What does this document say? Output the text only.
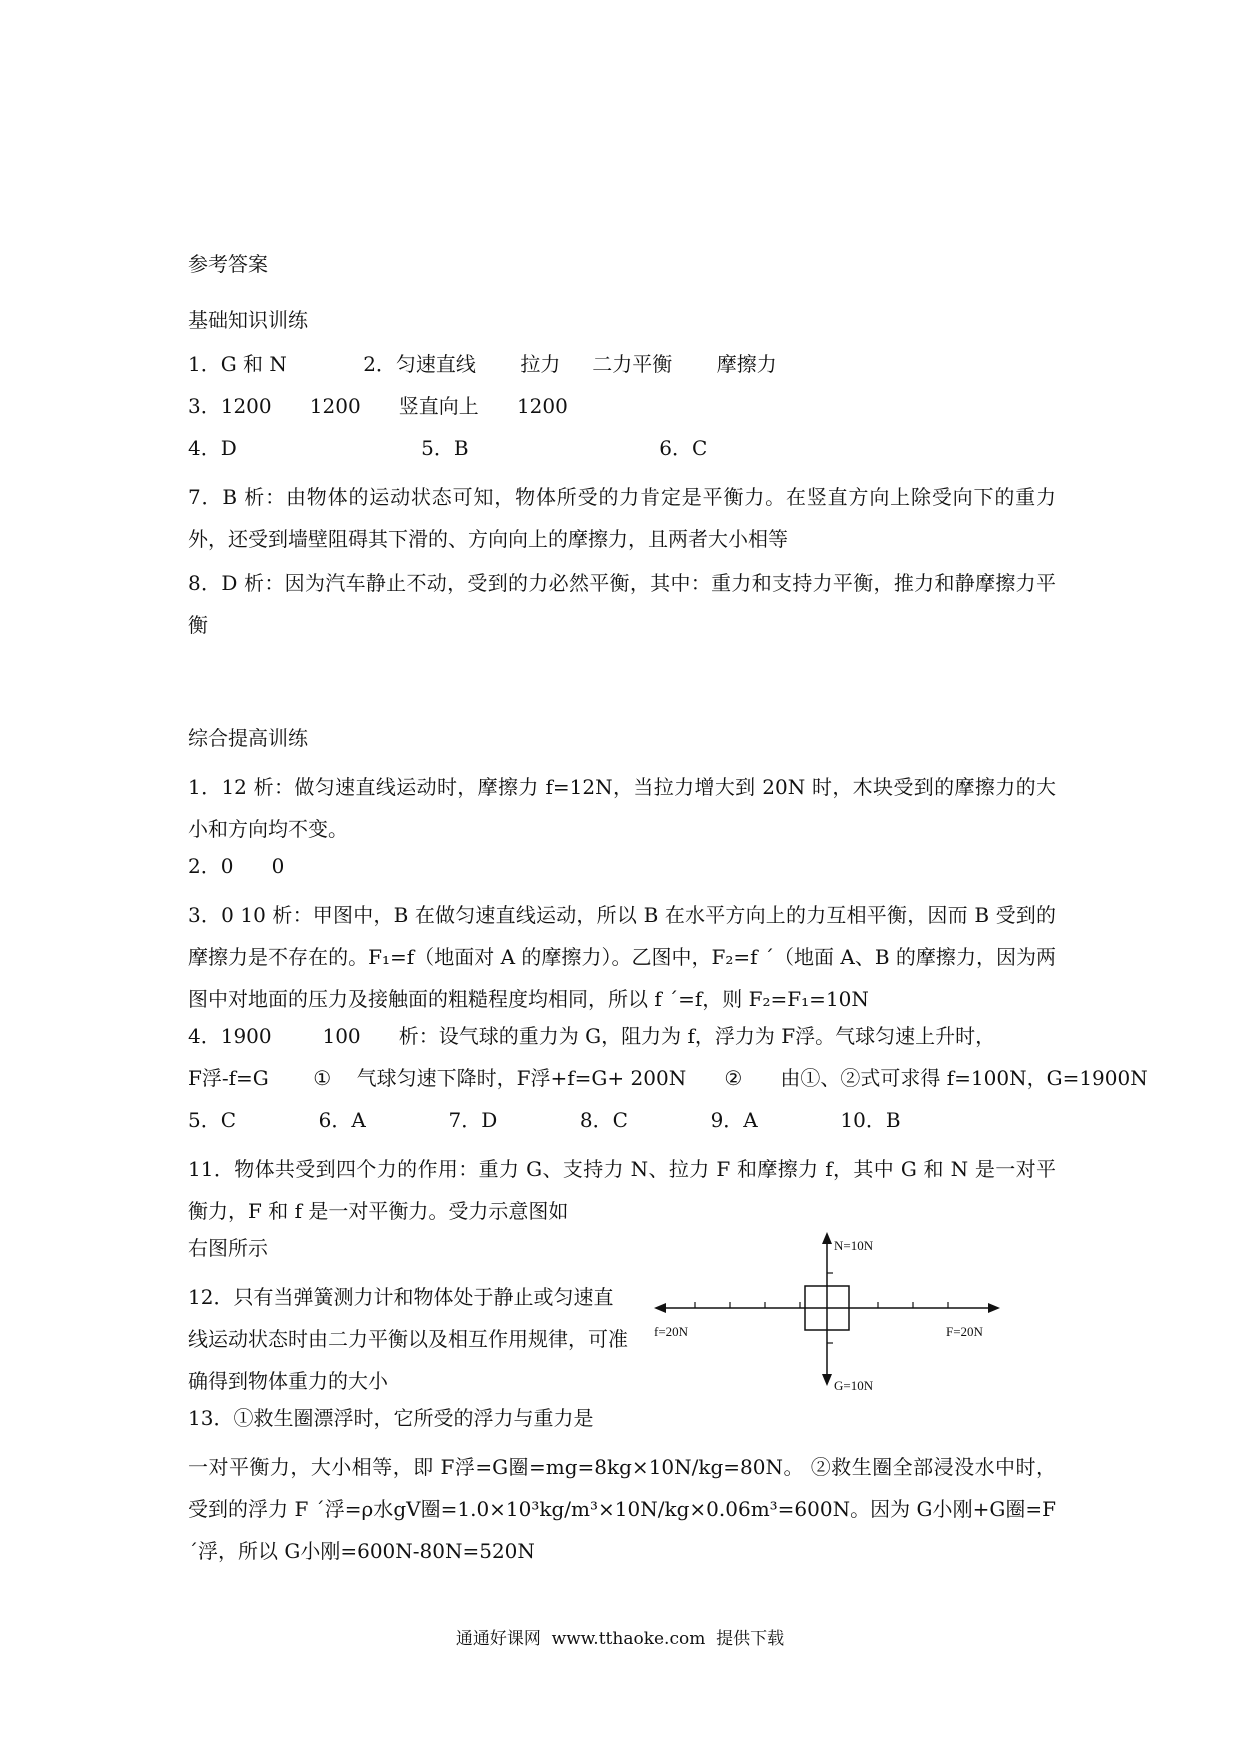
参考答案
基础知识训练
1．G 和 N            2．匀速直线       拉力     二力平衡       摩擦力
3．1200      1200      竖直向上      1200
4．D                             5．B                              6．C
7．B 析：由物体的运动状态可知，物体所受的力肯定是平衡力。在竖直方向上除受向下的重力外，还受到墙壁阻碍其下滑的、方向向上的摩擦力，且两者大小相等
8．D 析：因为汽车静止不动，受到的力必然平衡，其中：重力和支持力平衡，推力和静摩擦力平衡
综合提高训练
1．12 析：做匀速直线运动时，摩擦力 f=12N，当拉力增大到 20N 时，木块受到的摩擦力的大小和方向均不变。
2．0      0
3．0 10 析：甲图中，B 在做匀速直线运动，所以 B 在水平方向上的力互相平衡，因而 B 受到的摩擦力是不存在的。F₁=f（地面对 A 的摩擦力）。乙图中，F₂=f ´（地面 A、B 的摩擦力，因为两图中对地面的压力及接触面的粗糙程度均相同，所以 f ´=f，则 F₂=F₁=10N
4．1900        100      析：设气球的重力为 G，阻力为 f，浮力为 F浮。气球匀速上升时，
F浮-f=G       ①    气球匀速下降时，F浮+f=G+ 200N      ②      由①、②式可求得 f=100N，G=1900N
5．C             6．A             7．D             8．C             9．A             10．B
11．物体共受到四个力的作用：重力 G、支持力 N、拉力 F 和摩擦力 f，其中 G 和 N 是一对平衡力，F 和 f 是一对平衡力。受力示意图如
右图所示
12．只有当弹簧测力计和物体处于静止或匀速直线运动状态时由二力平衡以及相互作用规律，可准确得到物体重力的大小
13．①救生圈漂浮时，它所受的浮力与重力是
一对平衡力，大小相等，即 F浮=G圈=mg=8kg×10N/kg=80N。 ②救生圈全部浸没水中时，受到的浮力 F ´浮=ρ水gV圈=1.0×10³kg/m³×10N/kg×0.06m³=600N。因为 G小刚+G圈=F ´浮，所以 G小刚=600N-80N=520N
N=10N
G=10N
f=20N	F=20N
通通好课网  www.tthaoke.com  提供下载
